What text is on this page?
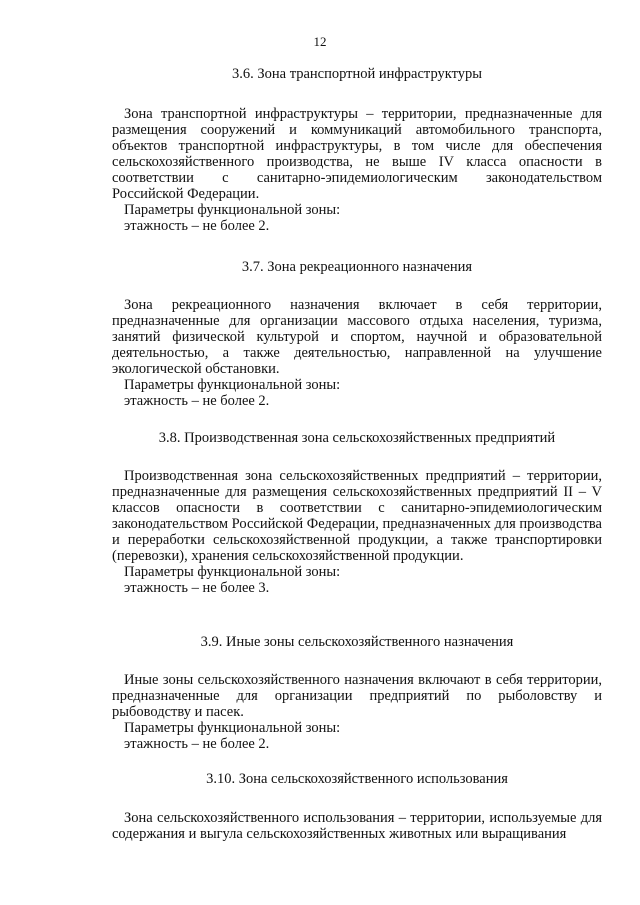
12

3.6. Зона транспортной инфраструктуры

Зона транспортной инфраструктуры – территории, предназначенные для размещения сооружений и коммуникаций автомобильного транспорта, объектов транспортной инфраструктуры, в том числе для обеспечения сельскохозяйственного производства, не выше IV класса опасности в соответствии с санитарно-эпидемиологическим законодательством Российской Федерации.

Параметры функциональной зоны:

этажность – не более 2.

3.7. Зона рекреационного назначения

Зона рекреационного назначения включает в себя территории, предназначенные для организации массового отдыха населения, туризма, занятий физической культурой и спортом, научной и образовательной деятельностью, а также деятельностью, направленной на улучшение экологической обстановки.

Параметры функциональной зоны:

этажность – не более 2.

3.8. Производственная зона сельскохозяйственных предприятий

Производственная зона сельскохозяйственных предприятий – территории, предназначенные для размещения сельскохозяйственных предприятий II – V классов опасности в соответствии с санитарно-эпидемиологическим законодательством Российской Федерации, предназначенных для производства и переработки сельскохозяйственной продукции, а также транспортировки (перевозки), хранения сельскохозяйственной продукции.

Параметры функциональной зоны:

этажность – не более 3.

3.9. Иные зоны сельскохозяйственного назначения

Иные зоны сельскохозяйственного назначения включают в себя территории, предназначенные для организации предприятий по рыболовству и рыбоводству и пасек.

Параметры функциональной зоны:

этажность – не более 2.

3.10. Зона сельскохозяйственного использования

Зона сельскохозяйственного использования – территории, используемые для содержания и выгула сельскохозяйственных животных или выращивания
